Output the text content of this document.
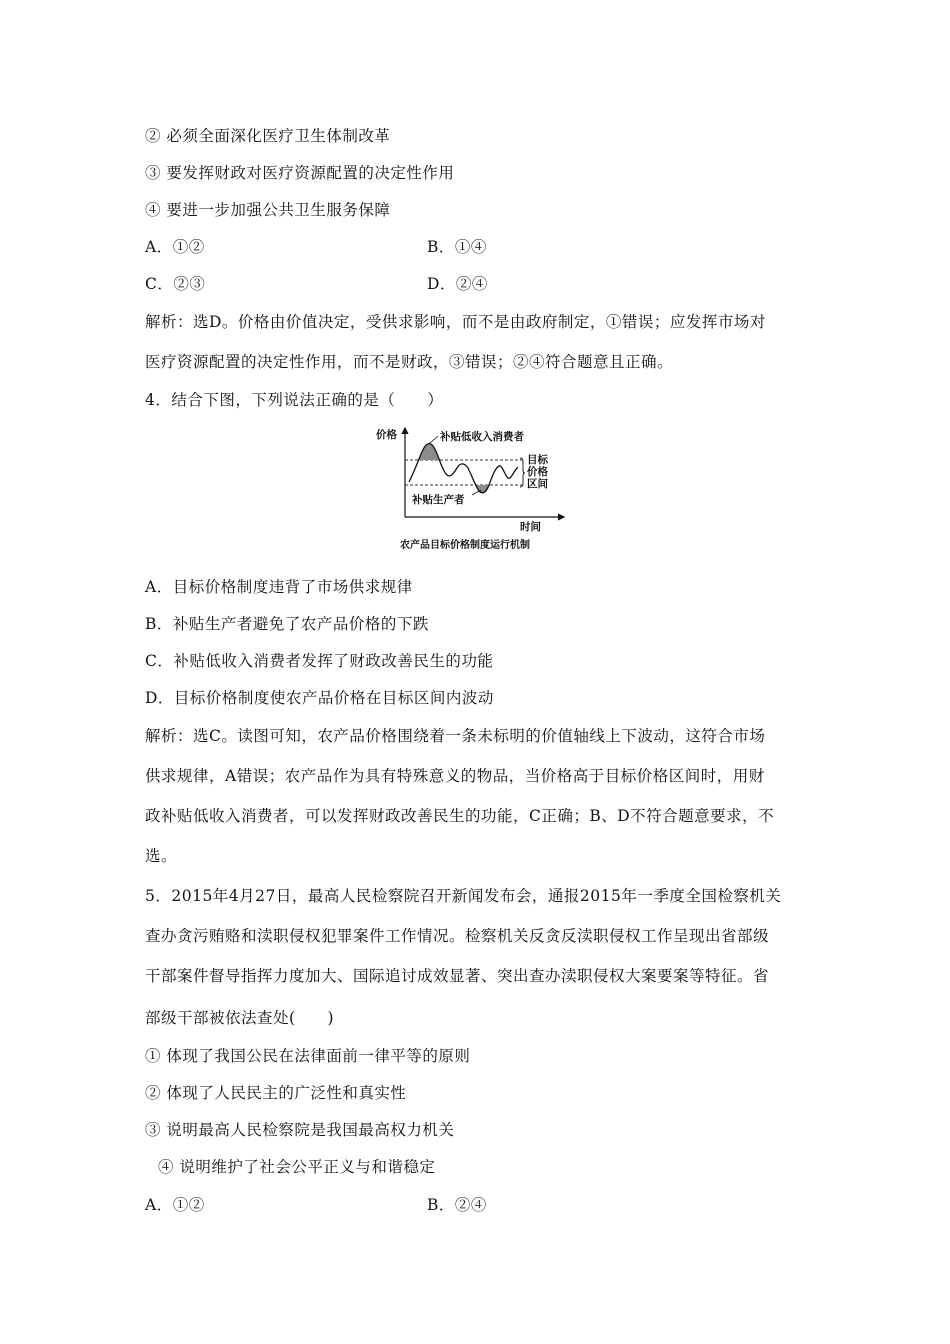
② 必须全面深化医疗卫生体制改革
③ 要发挥财政对医疗资源配置的决定性作用
④ 要进一步加强公共卫生服务保障
A．①②	B．①④
C．②③	D．②④
解析：选D。价格由价值决定，受供求影响，而不是由政府制定，①错误；应发挥市场对
医疗资源配置的决定性作用，而不是财政，③错误；②④符合题意且正确。
4．结合下图，下列说法正确的是（　　）
价格	补贴低收入消费者
目标
价格
区间
补贴生产者
时间
农产品目标价格制度运行机制
A．目标价格制度违背了市场供求规律
B．补贴生产者避免了农产品价格的下跌
C．补贴低收入消费者发挥了财政改善民生的功能
D．目标价格制度使农产品价格在目标区间内波动
解析：选C。读图可知，农产品价格围绕着一条未标明的价值轴线上下波动，这符合市场
供求规律，A错误；农产品作为具有特殊意义的物品，当价格高于目标价格区间时，用财
政补贴低收入消费者，可以发挥财政改善民生的功能，C正确；B、D不符合题意要求，不
选。
5．2015年4月27日，最高人民检察院召开新闻发布会，通报2015年一季度全国检察机关
查办贪污贿赂和渎职侵权犯罪案件工作情况。检察机关反贪反渎职侵权工作呈现出省部级
干部案件督导指挥力度加大、国际追讨成效显著、突出查办渎职侵权大案要案等特征。省
部级干部被依法查处(　　)
① 体现了我国公民在法律面前一律平等的原则
② 体现了人民民主的广泛性和真实性
③ 说明最高人民检察院是我国最高权力机关
④ 说明维护了社会公平正义与和谐稳定
A．①②	B．②④
